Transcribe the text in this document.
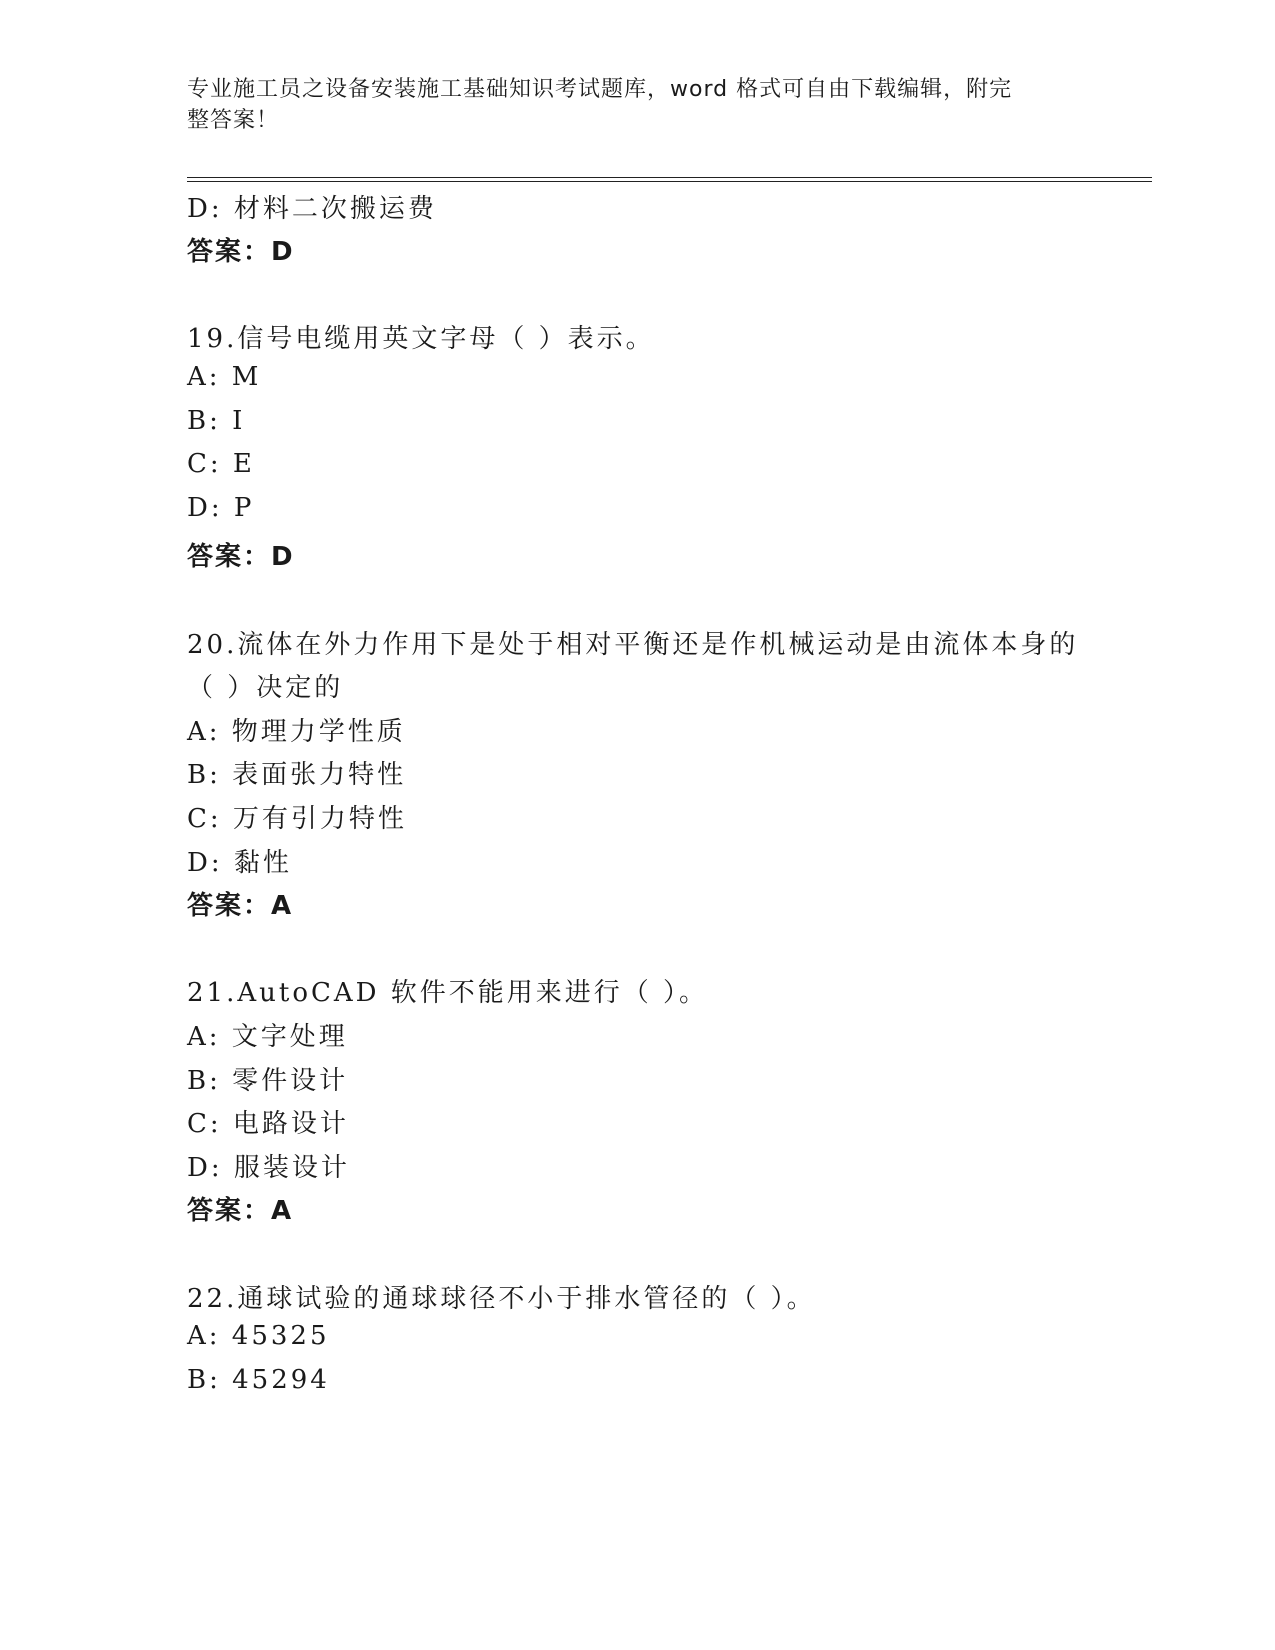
专业施工员之设备安装施工基础知识考试题库，word 格式可自由下载编辑，附完
整答案！
D: 材料二次搬运费
答案：D
19.信号电缆用英文字母（ ）表示。
A: M
B: I
C: E
D: P
答案：D
20.流体在外力作用下是处于相对平衡还是作机械运动是由流体本身的
（ ）决定的
A: 物理力学性质
B: 表面张力特性
C: 万有引力特性
D: 黏性
答案：A
21.AutoCAD 软件不能用来进行（ ）。
A: 文字处理
B: 零件设计
C: 电路设计
D: 服装设计
答案：A
22.通球试验的通球球径不小于排水管径的（ ）。
A: 45325
B: 45294
